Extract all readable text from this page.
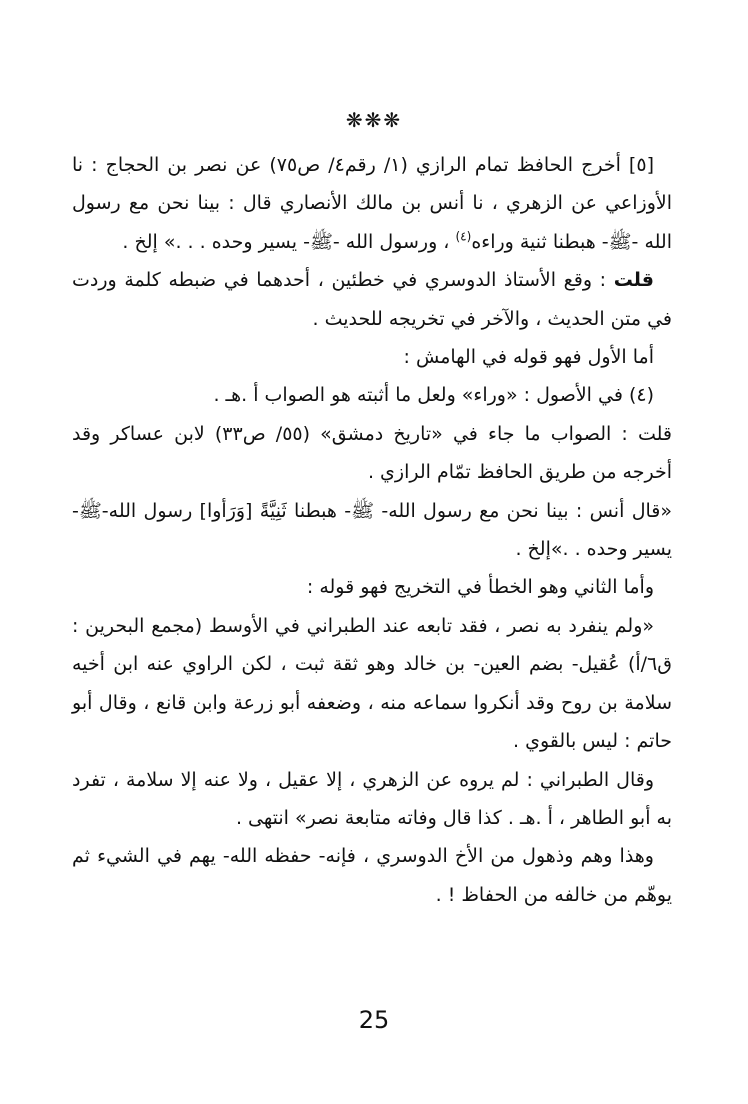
❋❋❋

[٥] أخرج الحافظ تمام الرازي (١/ رقم٤/ ص٧٥) عن نصر بن الحجاج : نا الأوزاعي عن الزهري ، نا أنس بن مالك الأنصاري قال : بينا نحن مع رسول الله -ﷺ- هبطنا ثنية وراءه$^{(٤)}$ ، ورسول الله -ﷺ- يسير وحده . . .» إلخ .

قلت : وقع الأستاذ الدوسري في خطئين ، أحدهما في ضبطه كلمة وردت في متن الحديث ، والآخر في تخريجه للحديث .

أما الأول فهو قوله في الهامش :

(٤) في الأصول : «وراء» ولعل ما أثبته هو الصواب أ .هـ .

قلت : الصواب ما جاء في «تاريخ دمشق» (٥٥/ ص٣٣) لابن عساكر وقد أخرجه من طريق الحافظ تمّام الرازي .

«قال أنس : بينا نحن مع رسول الله- ﷺ- هبطنا ثَنِيَّةً [وَرَأوا] رسول الله-ﷺ- يسير وحده . .»إلخ .

وأما الثاني وهو الخطأ في التخريج فهو قوله :

«ولم ينفرد به نصر ، فقد تابعه عند الطبراني في الأوسط (مجمع البحرين : ق٦/أ) عُقيل- بضم العين- بن خالد وهو ثقة ثبت ، لكن الراوي عنه ابن أخيه سلامة بن روح وقد أنكروا سماعه منه ، وضعفه أبو زرعة وابن قانع ، وقال أبو حاتم : ليس بالقوي .

وقال الطبراني : لم يروه عن الزهري ، إلا عقيل ، ولا عنه إلا سلامة ، تفرد به أبو الطاهر ، أ .هـ . كذا قال وفاته متابعة نصر» انتهى .

وهذا وهم وذهول من الأخ الدوسري ، فإنه- حفظه الله- يهم في الشيء ثم يوهّم من خالفه من الحفاظ ! .

25
